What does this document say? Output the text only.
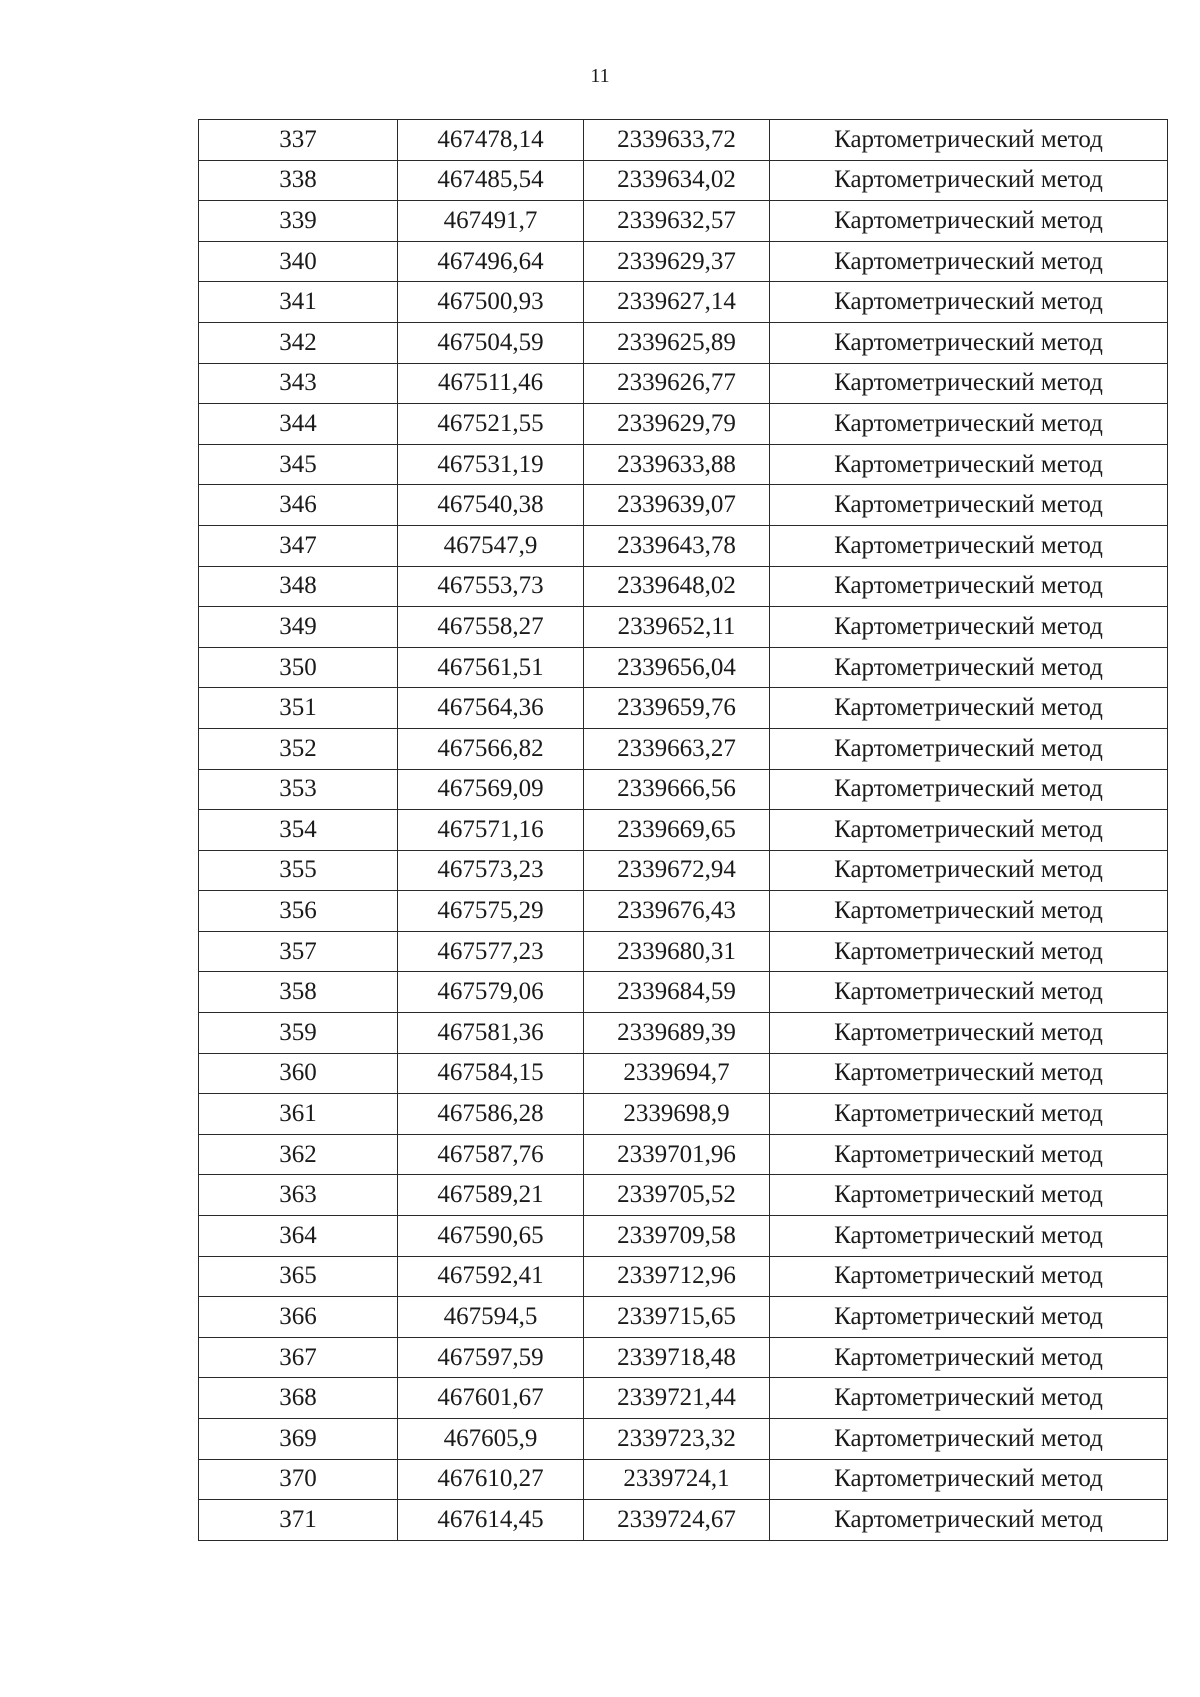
11
337	467478,14	2339633,72	Картометрический метод
338	467485,54	2339634,02	Картометрический метод
339	467491,7	2339632,57	Картометрический метод
340	467496,64	2339629,37	Картометрический метод
341	467500,93	2339627,14	Картометрический метод
342	467504,59	2339625,89	Картометрический метод
343	467511,46	2339626,77	Картометрический метод
344	467521,55	2339629,79	Картометрический метод
345	467531,19	2339633,88	Картометрический метод
346	467540,38	2339639,07	Картометрический метод
347	467547,9	2339643,78	Картометрический метод
348	467553,73	2339648,02	Картометрический метод
349	467558,27	2339652,11	Картометрический метод
350	467561,51	2339656,04	Картометрический метод
351	467564,36	2339659,76	Картометрический метод
352	467566,82	2339663,27	Картометрический метод
353	467569,09	2339666,56	Картометрический метод
354	467571,16	2339669,65	Картометрический метод
355	467573,23	2339672,94	Картометрический метод
356	467575,29	2339676,43	Картометрический метод
357	467577,23	2339680,31	Картометрический метод
358	467579,06	2339684,59	Картометрический метод
359	467581,36	2339689,39	Картометрический метод
360	467584,15	2339694,7	Картометрический метод
361	467586,28	2339698,9	Картометрический метод
362	467587,76	2339701,96	Картометрический метод
363	467589,21	2339705,52	Картометрический метод
364	467590,65	2339709,58	Картометрический метод
365	467592,41	2339712,96	Картометрический метод
366	467594,5	2339715,65	Картометрический метод
367	467597,59	2339718,48	Картометрический метод
368	467601,67	2339721,44	Картометрический метод
369	467605,9	2339723,32	Картометрический метод
370	467610,27	2339724,1	Картометрический метод
371	467614,45	2339724,67	Картометрический метод
